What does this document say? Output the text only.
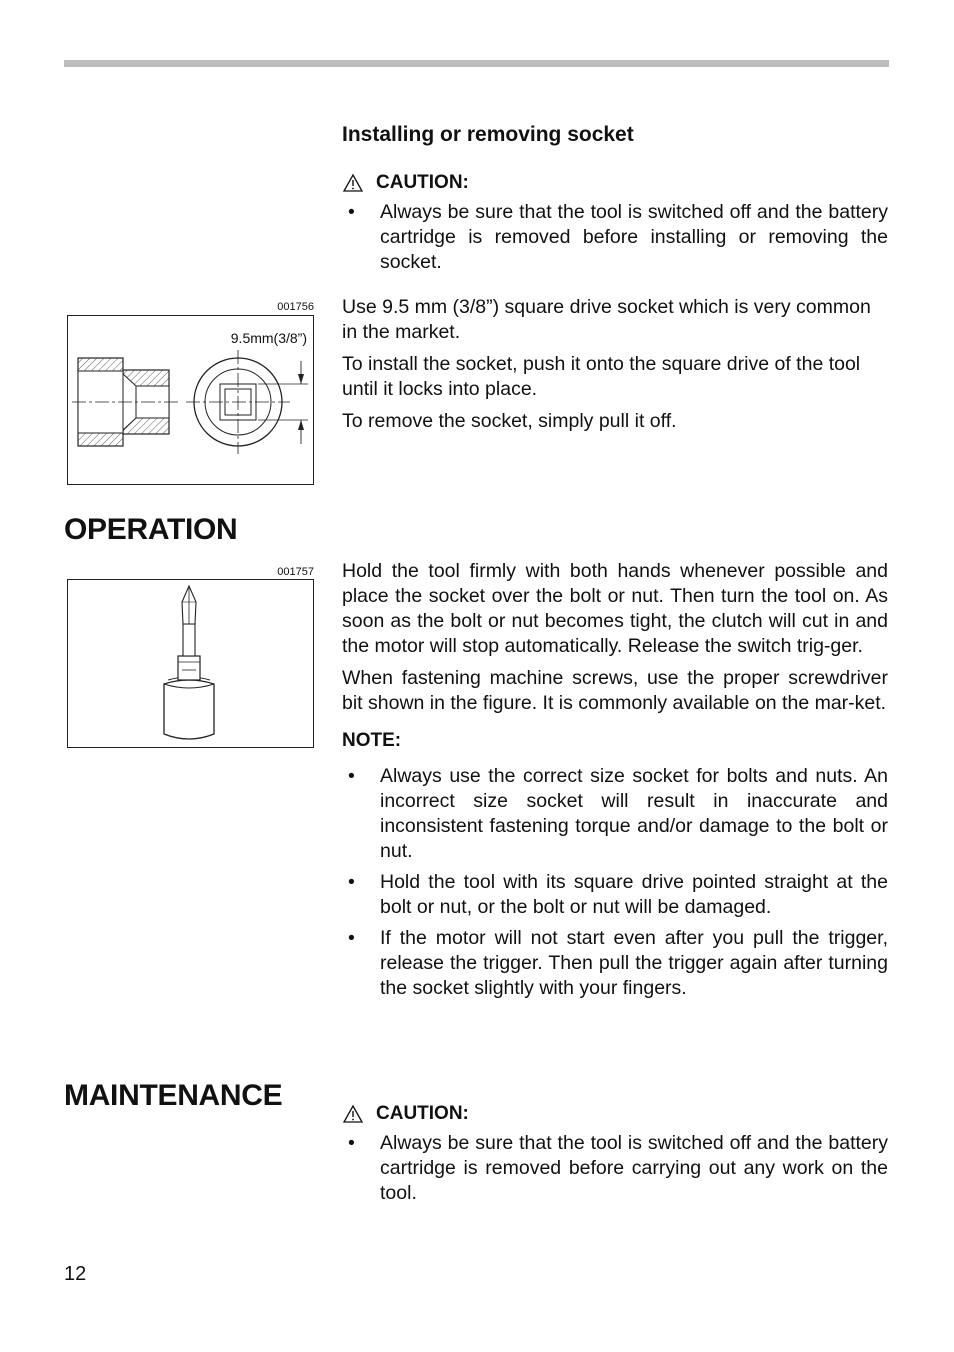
Installing or removing socket
CAUTION:
•	Always be sure that the tool is switched off and the battery cartridge is removed before installing or removing the socket.

Use 9.5 mm (3/8”) square drive socket which is very common in the market.

To install the socket, push it onto the square drive of the tool until it locks into place.

To remove the socket, simply pull it off.

001756
9.5mm(3/8”)
OPERATION
001757 Hold the tool firmly with both hands whenever possible and place the socket over the bolt or nut. Then turn the tool on. As soon as the bolt or nut becomes tight, the clutch will cut in and the motor will stop automatically. Release the switch trig-ger.

When fastening machine screws, use the proper screwdriver bit shown in the figure. It is commonly available on the mar-ket.

NOTE:

•	Always use the correct size socket for bolts and nuts. An incorrect size socket will result in inaccurate and inconsistent fastening torque and/or damage to the bolt or nut.
•	Hold the tool with its square drive pointed straight at the bolt or nut, or the bolt or nut will be damaged.
•	If the motor will not start even after you pull the trigger, release the trigger. Then pull the trigger again after turning the socket slightly with your fingers.
MAINTENANCE
CAUTION:
•	Always be sure that the tool is switched off and the battery cartridge is removed before carrying out any work on the tool.
12
